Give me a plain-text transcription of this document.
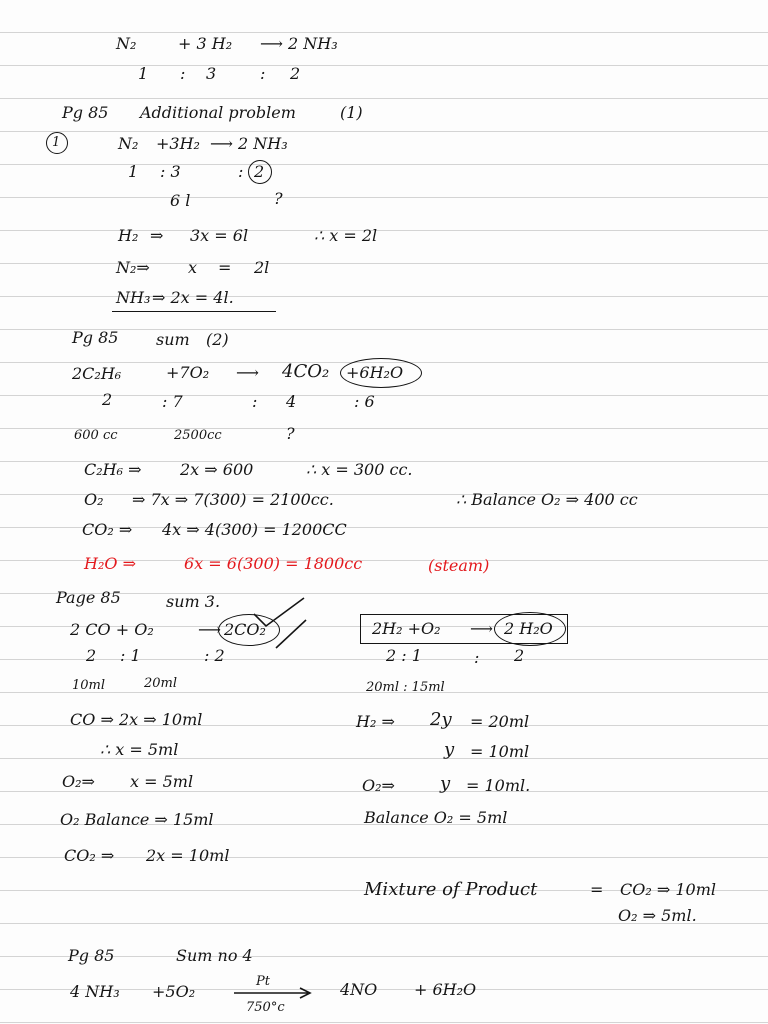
N₂	+ 3 H₂ ⟶ 2 NH₃
1 : 3	: 2
Pg 85 Additional problem	(1)
1	N₂ +3H₂ ⟶ 2 NH₃
1 : 3	: 2
6 l	?
H₂ ⇒ 3x = 6l	∴ x = 2l
N₂⇒ x = 2l
NH₃ ⇒ 2x = 4l.
Pg 85 sum (2)
2C₂H₆	+7O₂ ⟶ 4CO₂ +6H₂O
2	: 7	: 4	: 6
600 cc	2500cc	?
C₂H₆ ⇒ 2x ⇒ 600	∴ x = 300 cc.
O₂ ⇒ 7x ⇒ 7(300) = 2100cc.	∴ Balance O₂ ⇒ 400 cc
CO₂ ⇒ 4x ⇒ 4(300) = 1200CC
H₂O ⇒	6x = 6(300) = 1800cc	(steam)
Page 85	sum 3.
2 CO + O₂	⟶ 2CO₂
2 : 1	: 2
10ml	20ml
CO ⇒ 2x ⇒ 10ml
∴ x = 5ml
O₂⇒ x = 5ml
O₂ Balance ⇒ 15ml
CO₂ ⇒ 2x = 10ml
2H₂ +O₂ ⟶ 2 H₂O
2 : 1	: 2
20ml : 15ml
H₂ ⇒ 2y = 20ml
y = 10ml
O₂⇒	y = 10ml.
Balance O₂ = 5ml
Mixture of Product	= CO₂ ⇒ 10ml
O₂ ⇒ 5ml.
Pg 85	Sum no 4
4 NH₃ +5O₂
Pt
750°c
4NO + 6H₂O
